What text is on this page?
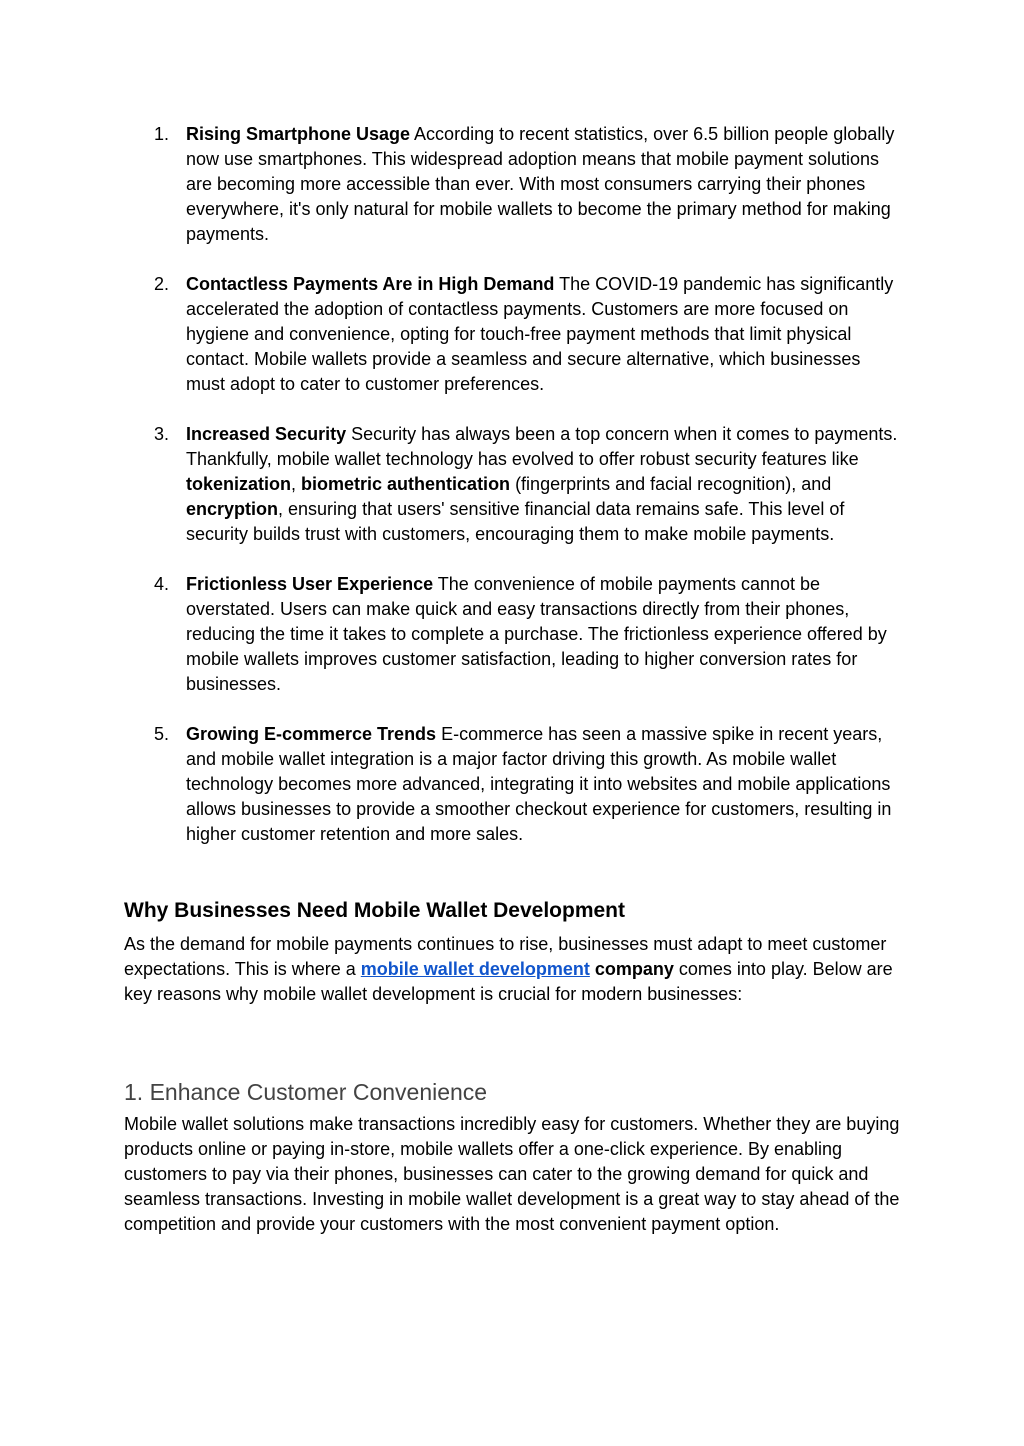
1. Rising Smartphone Usage According to recent statistics, over 6.5 billion people globally now use smartphones. This widespread adoption means that mobile payment solutions are becoming more accessible than ever. With most consumers carrying their phones everywhere, it's only natural for mobile wallets to become the primary method for making payments.
2. Contactless Payments Are in High Demand The COVID-19 pandemic has significantly accelerated the adoption of contactless payments. Customers are more focused on hygiene and convenience, opting for touch-free payment methods that limit physical contact. Mobile wallets provide a seamless and secure alternative, which businesses must adopt to cater to customer preferences.
3. Increased Security Security has always been a top concern when it comes to payments. Thankfully, mobile wallet technology has evolved to offer robust security features like tokenization, biometric authentication (fingerprints and facial recognition), and encryption, ensuring that users' sensitive financial data remains safe. This level of security builds trust with customers, encouraging them to make mobile payments.
4. Frictionless User Experience The convenience of mobile payments cannot be overstated. Users can make quick and easy transactions directly from their phones, reducing the time it takes to complete a purchase. The frictionless experience offered by mobile wallets improves customer satisfaction, leading to higher conversion rates for businesses.
5. Growing E-commerce Trends E-commerce has seen a massive spike in recent years, and mobile wallet integration is a major factor driving this growth. As mobile wallet technology becomes more advanced, integrating it into websites and mobile applications allows businesses to provide a smoother checkout experience for customers, resulting in higher customer retention and more sales.
Why Businesses Need Mobile Wallet Development

As the demand for mobile payments continues to rise, businesses must adapt to meet customer expectations. This is where a mobile wallet development company comes into play. Below are key reasons why mobile wallet development is crucial for modern businesses:

1. Enhance Customer Convenience

Mobile wallet solutions make transactions incredibly easy for customers. Whether they are buying products online or paying in-store, mobile wallets offer a one-click experience. By enabling customers to pay via their phones, businesses can cater to the growing demand for quick and seamless transactions. Investing in mobile wallet development is a great way to stay ahead of the competition and provide your customers with the most convenient payment option.
